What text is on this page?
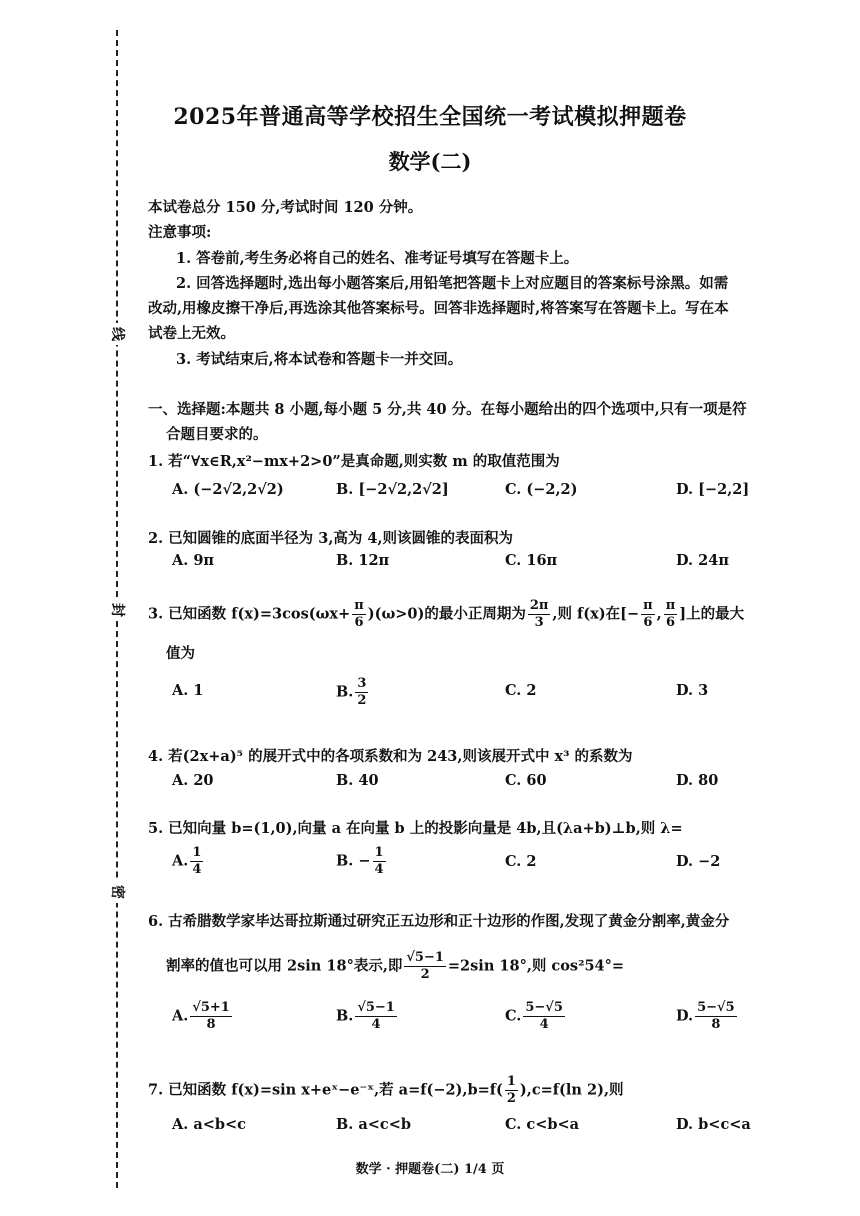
线
封
密
2025年普通高等学校招生全国统一考试模拟押题卷
数学(二)
本试卷总分 150 分,考试时间 120 分钟。
注意事项:
1. 答卷前,考生务必将自己的姓名、准考证号填写在答题卡上。
2. 回答选择题时,选出每小题答案后,用铅笔把答题卡上对应题目的答案标号涂黑。如需
改动,用橡皮擦干净后,再选涂其他答案标号。回答非选择题时,将答案写在答题卡上。写在本
试卷上无效。
3. 考试结束后,将本试卷和答题卡一并交回。
一、选择题:本题共 8 小题,每小题 5 分,共 40 分。在每小题给出的四个选项中,只有一项是符
合题目要求的。
1. 若“∀x∈R,x²−mx+2>0”是真命题,则实数 m 的取值范围为
A. (−2√2,2√2)	B. [−2√2,2√2]	C. (−2,2)	D. [−2,2]
2. 已知圆锥的底面半径为 3,高为 4,则该圆锥的表面积为
A. 9π	B. 12π	C. 16π	D. 24π
3. 已知函数 $f(x)=3\cos(\omega x+ \frac{\pi}{6} )(\omega>0)$的最小正周期为 $\frac{2\pi}{3}$ ,则 f(x)在[− $\frac{\pi}{6}$ , $\frac{\pi}{6}$ ]上的最大
值为
A. 1	B. $\frac{3}{2}$	C. 2	D. 3
4. 若(2x+a)⁵ 的展开式中的各项系数和为 243,则该展开式中 x³ 的系数为
A. 20	B. 40	C. 60	D. 80
5. 已知向量 b=(1,0),向量 a 在向量 b 上的投影向量是 4b,且(λa+b)⊥b,则 λ=
A. $\frac{1}{4}$	B. − $\frac{1}{4}$	C. 2	D. −2
6. 古希腊数学家毕达哥拉斯通过研究正五边形和正十边形的作图,发现了黄金分割率,黄金分
割率的值也可以用 2sin 18°表示,即 $\frac{√5-1}{2} =2\sin$ 18°,则 cos²54°=
A. $\frac{√5+1}{8}$	B. $\frac{√5-1}{4}$	C. $\frac{5-√5}{4}$	D. $\frac{5-√5}{8}$
7. 已知函数 f(x)=sin x+eˣ−e⁻ˣ,若 $a=f(-2),b=f( \frac{1}{2} ),c=f(\ln$ 2),则
A. a<b<c	B. a<c<b	C. c<b<a	D. b<c<a
数学 · 押题卷(二) 1/4 页
